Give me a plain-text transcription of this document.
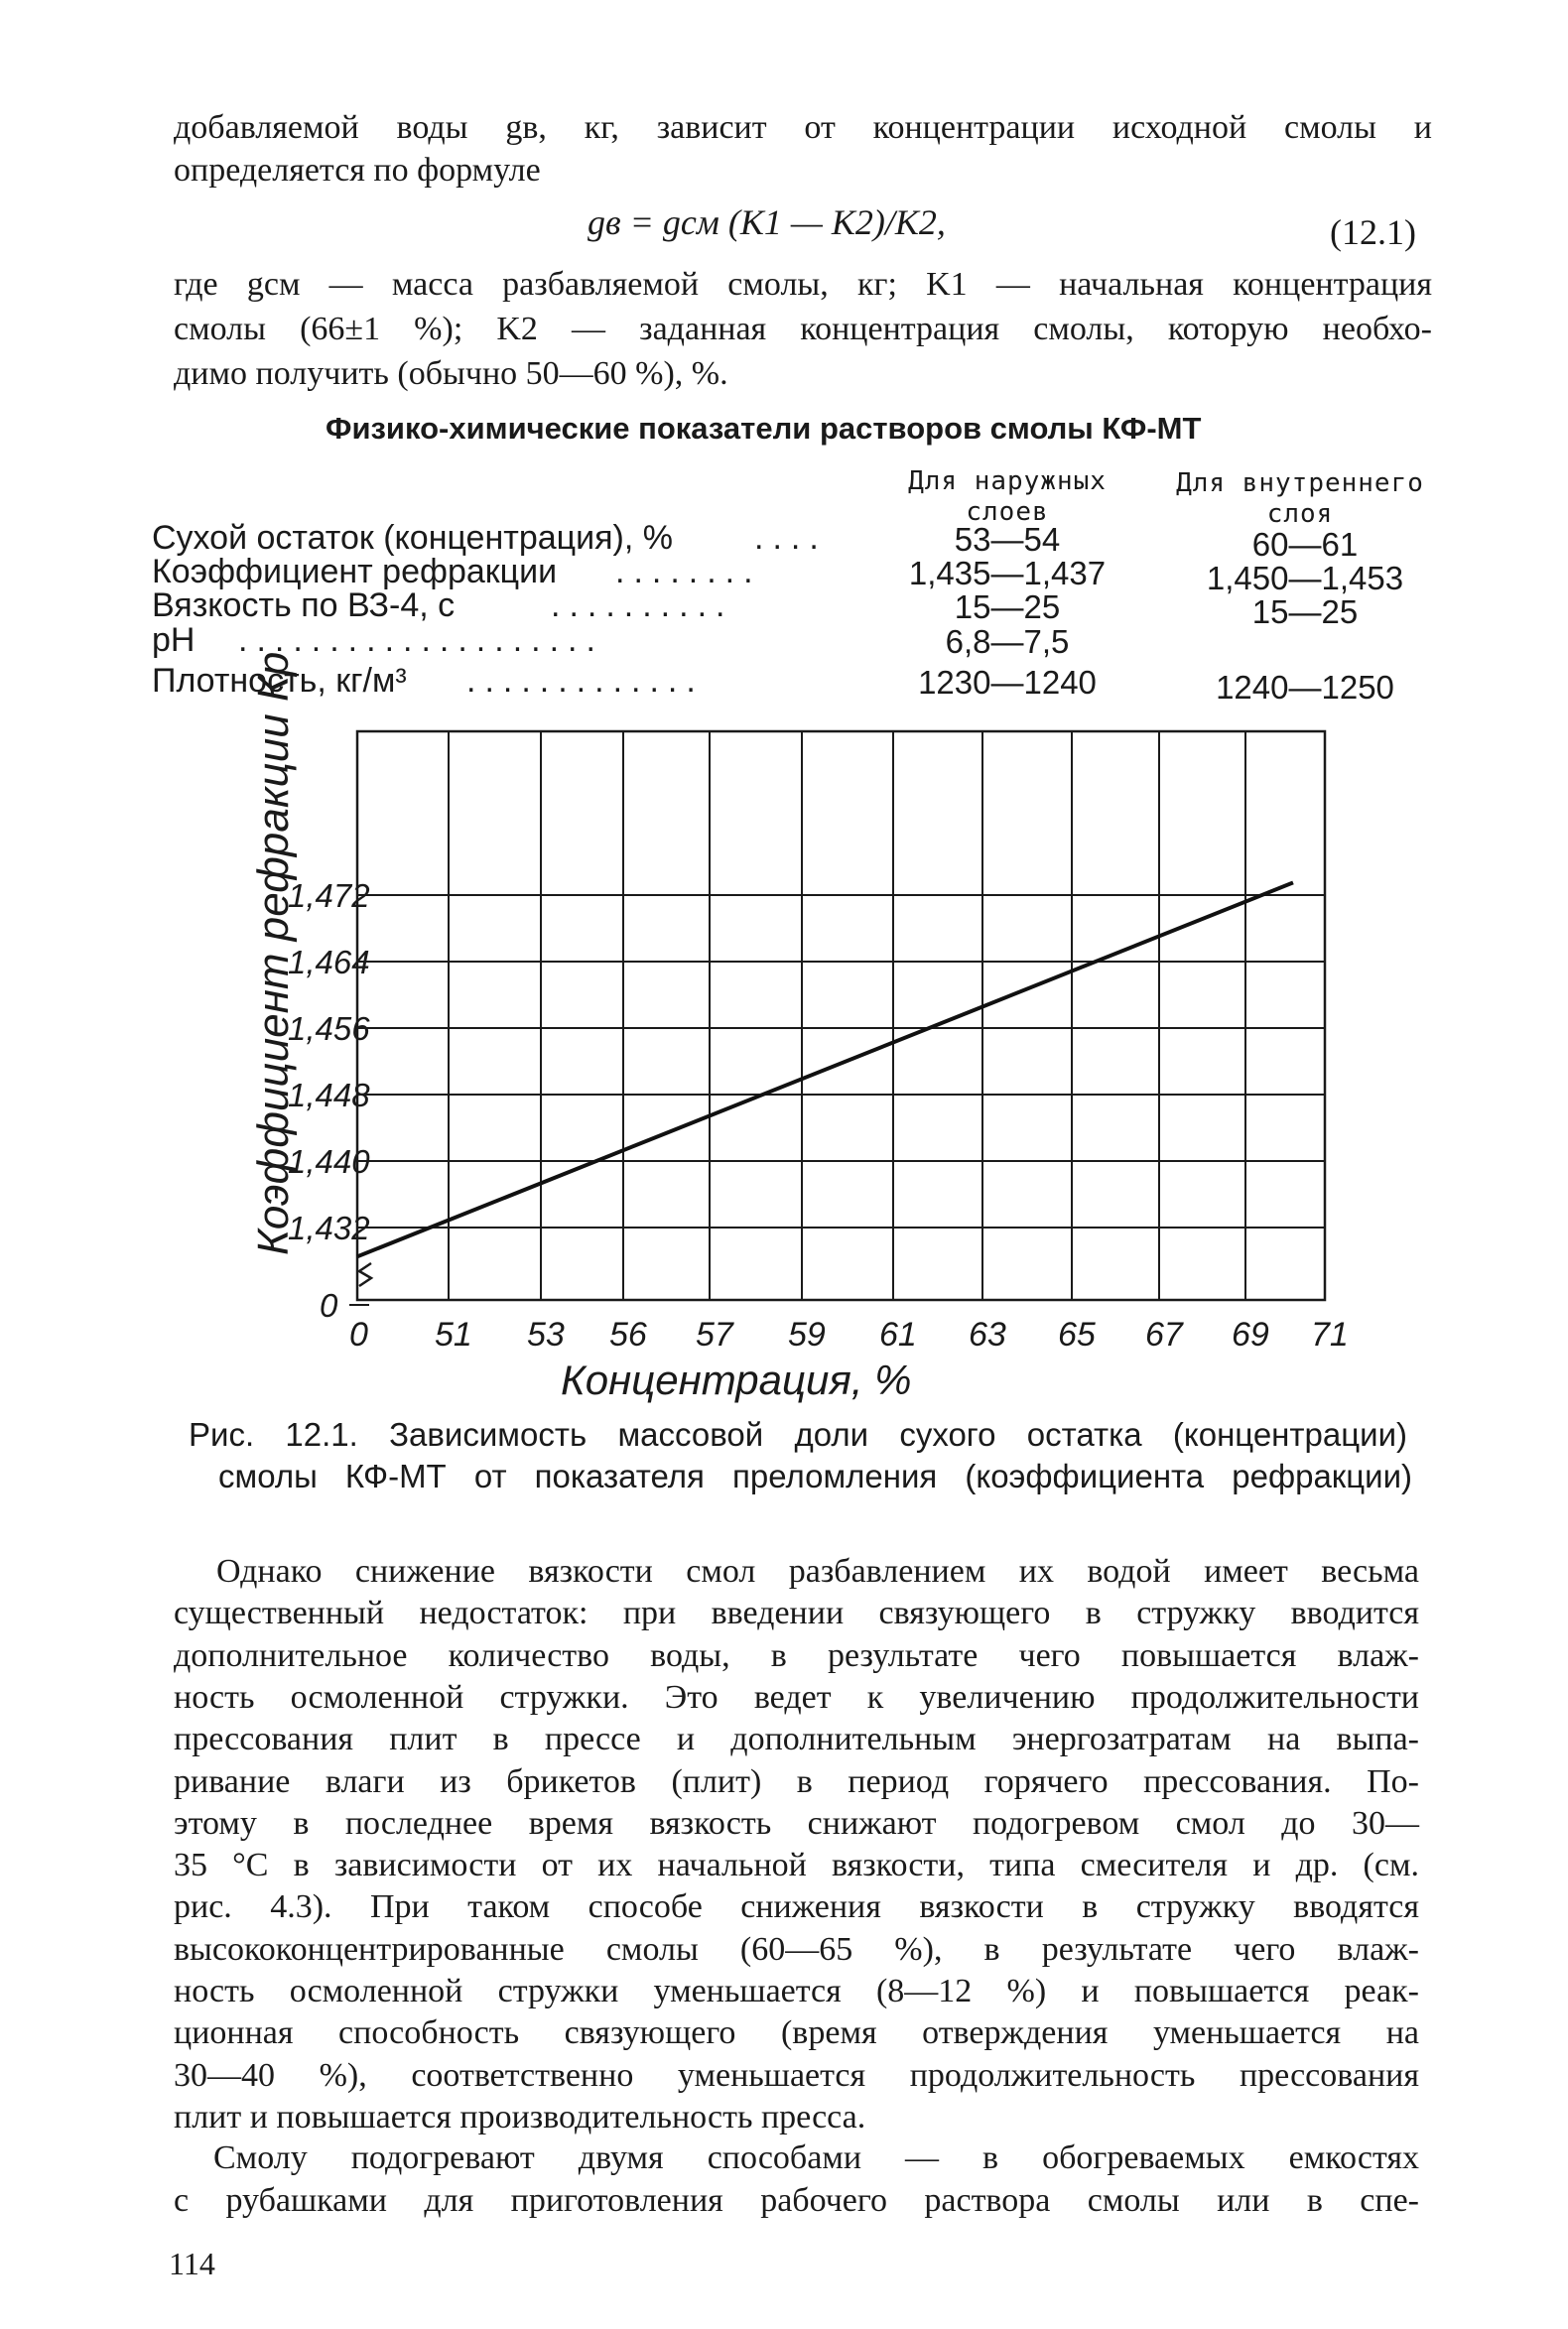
добавляемой воды gв, кг, зависит от концентрации исходной смолы и
определяется по формуле
gв = gсм (K1 — K2)/K2,	(12.1)
где gсм — масса разбавляемой смолы, кг; K1 — начальная концентрация
смолы (66±1 %); K2 — заданная концентрация смолы, которую необхо-
димо получить (обычно 50—60 %), %.
Физико-химические показатели растворов смолы КФ-МТ
Для наружных
слоев
Для внутреннего
слоя
Сухой остаток (концентрация), % ....	53—54	60—61
Коэффициент рефракции ........	1,435—1,437	1,450—1,453
Вязкость по ВЗ-4, с	..........	15—25	15—25
pH ....................	6,8—7,5
Плотность, кг/м³ .............	1230—1240	1240—1250
0 51 53 56 57 59 61 63 65 67 69 71
0
1,432
1,440
1,448
1,456
1,464
1,472
Коэффициент рефракции Кр
Концентрация, %
Рис. 12.1. Зависимость массовой доли сухого остатка (концентрации)
смолы КФ-МТ от показателя преломления (коэффициента рефракции)
Однако снижение вязкости смол разбавлением их водой имеет весьма
существенный недостаток: при введении связующего в стружку вводится
дополнительное количество воды, в результате чего повышается влаж-
ность осмоленной стружки. Это ведет к увеличению продолжительности
прессования плит в прессе и дополнительным энергозатратам на выпа-
ривание влаги из брикетов (плит) в период горячего прессования. По-
этому в последнее время вязкость снижают подогревом смол до 30—
35 °С в зависимости от их начальной вязкости, типа смесителя и др. (см.
рис. 4.3). При таком способе снижения вязкости в стружку вводятся
высококонцентрированные смолы (60—65 %), в результате чего влаж-
ность осмоленной стружки уменьшается (8—12 %) и повышается реак-
ционная способность связующего (время отверждения уменьшается на
30—40 %), соответственно уменьшается продолжительность прессования
плит и повышается производительность пресса.
Смолу подогревают двумя способами — в обогреваемых емкостях
с рубашками для приготовления рабочего раствора смолы или в спе-
114
